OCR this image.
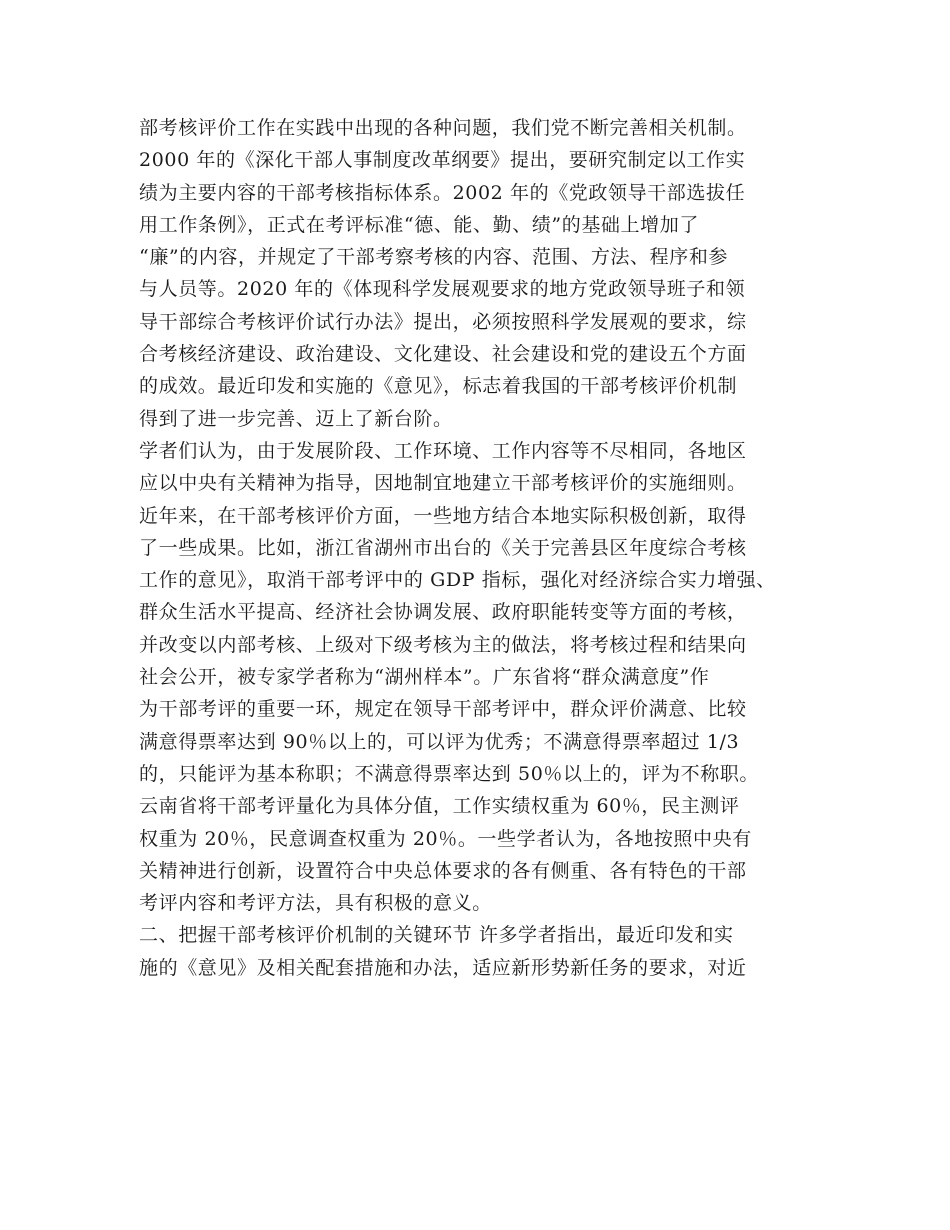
部考核评价工作在实践中出现的各种问题，我们党不断完善相关机制。
2000 年的《深化干部人事制度改革纲要》提出，要研究制定以工作实
绩为主要内容的干部考核指标体系。2002 年的《党政领导干部选拔任
用工作条例》，正式在考评标准“德、能、勤、绩”的基础上增加了
“廉”的内容，并规定了干部考察考核的内容、范围、方法、程序和参
与人员等。2020 年的《体现科学发展观要求的地方党政领导班子和领
导干部综合考核评价试行办法》提出，必须按照科学发展观的要求，综
合考核经济建设、政治建设、文化建设、社会建设和党的建设五个方面
的成效。最近印发和实施的《意见》，标志着我国的干部考核评价机制
得到了进一步完善、迈上了新台阶。
学者们认为，由于发展阶段、工作环境、工作内容等不尽相同，各地区
应以中央有关精神为指导，因地制宜地建立干部考核评价的实施细则。
近年来，在干部考核评价方面，一些地方结合本地实际积极创新，取得
了一些成果。比如，浙江省湖州市出台的《关于完善县区年度综合考核
工作的意见》，取消干部考评中的 GDP 指标，强化对经济综合实力增强、
群众生活水平提高、经济社会协调发展、政府职能转变等方面的考核，
并改变以内部考核、上级对下级考核为主的做法，将考核过程和结果向
社会公开，被专家学者称为“湖州样本”。广东省将“群众满意度”作
为干部考评的重要一环，规定在领导干部考评中，群众评价满意、比较
满意得票率达到 90％以上的，可以评为优秀；不满意得票率超过 1/3
的，只能评为基本称职；不满意得票率达到 50％以上的，评为不称职。
云南省将干部考评量化为具体分值，工作实绩权重为 60％，民主测评
权重为 20％，民意调查权重为 20％。一些学者认为，各地按照中央有
关精神进行创新，设置符合中央总体要求的各有侧重、各有特色的干部
考评内容和考评方法，具有积极的意义。
二、把握干部考核评价机制的关键环节 许多学者指出，最近印发和实
施的《意见》及相关配套措施和办法，适应新形势新任务的要求，对近
